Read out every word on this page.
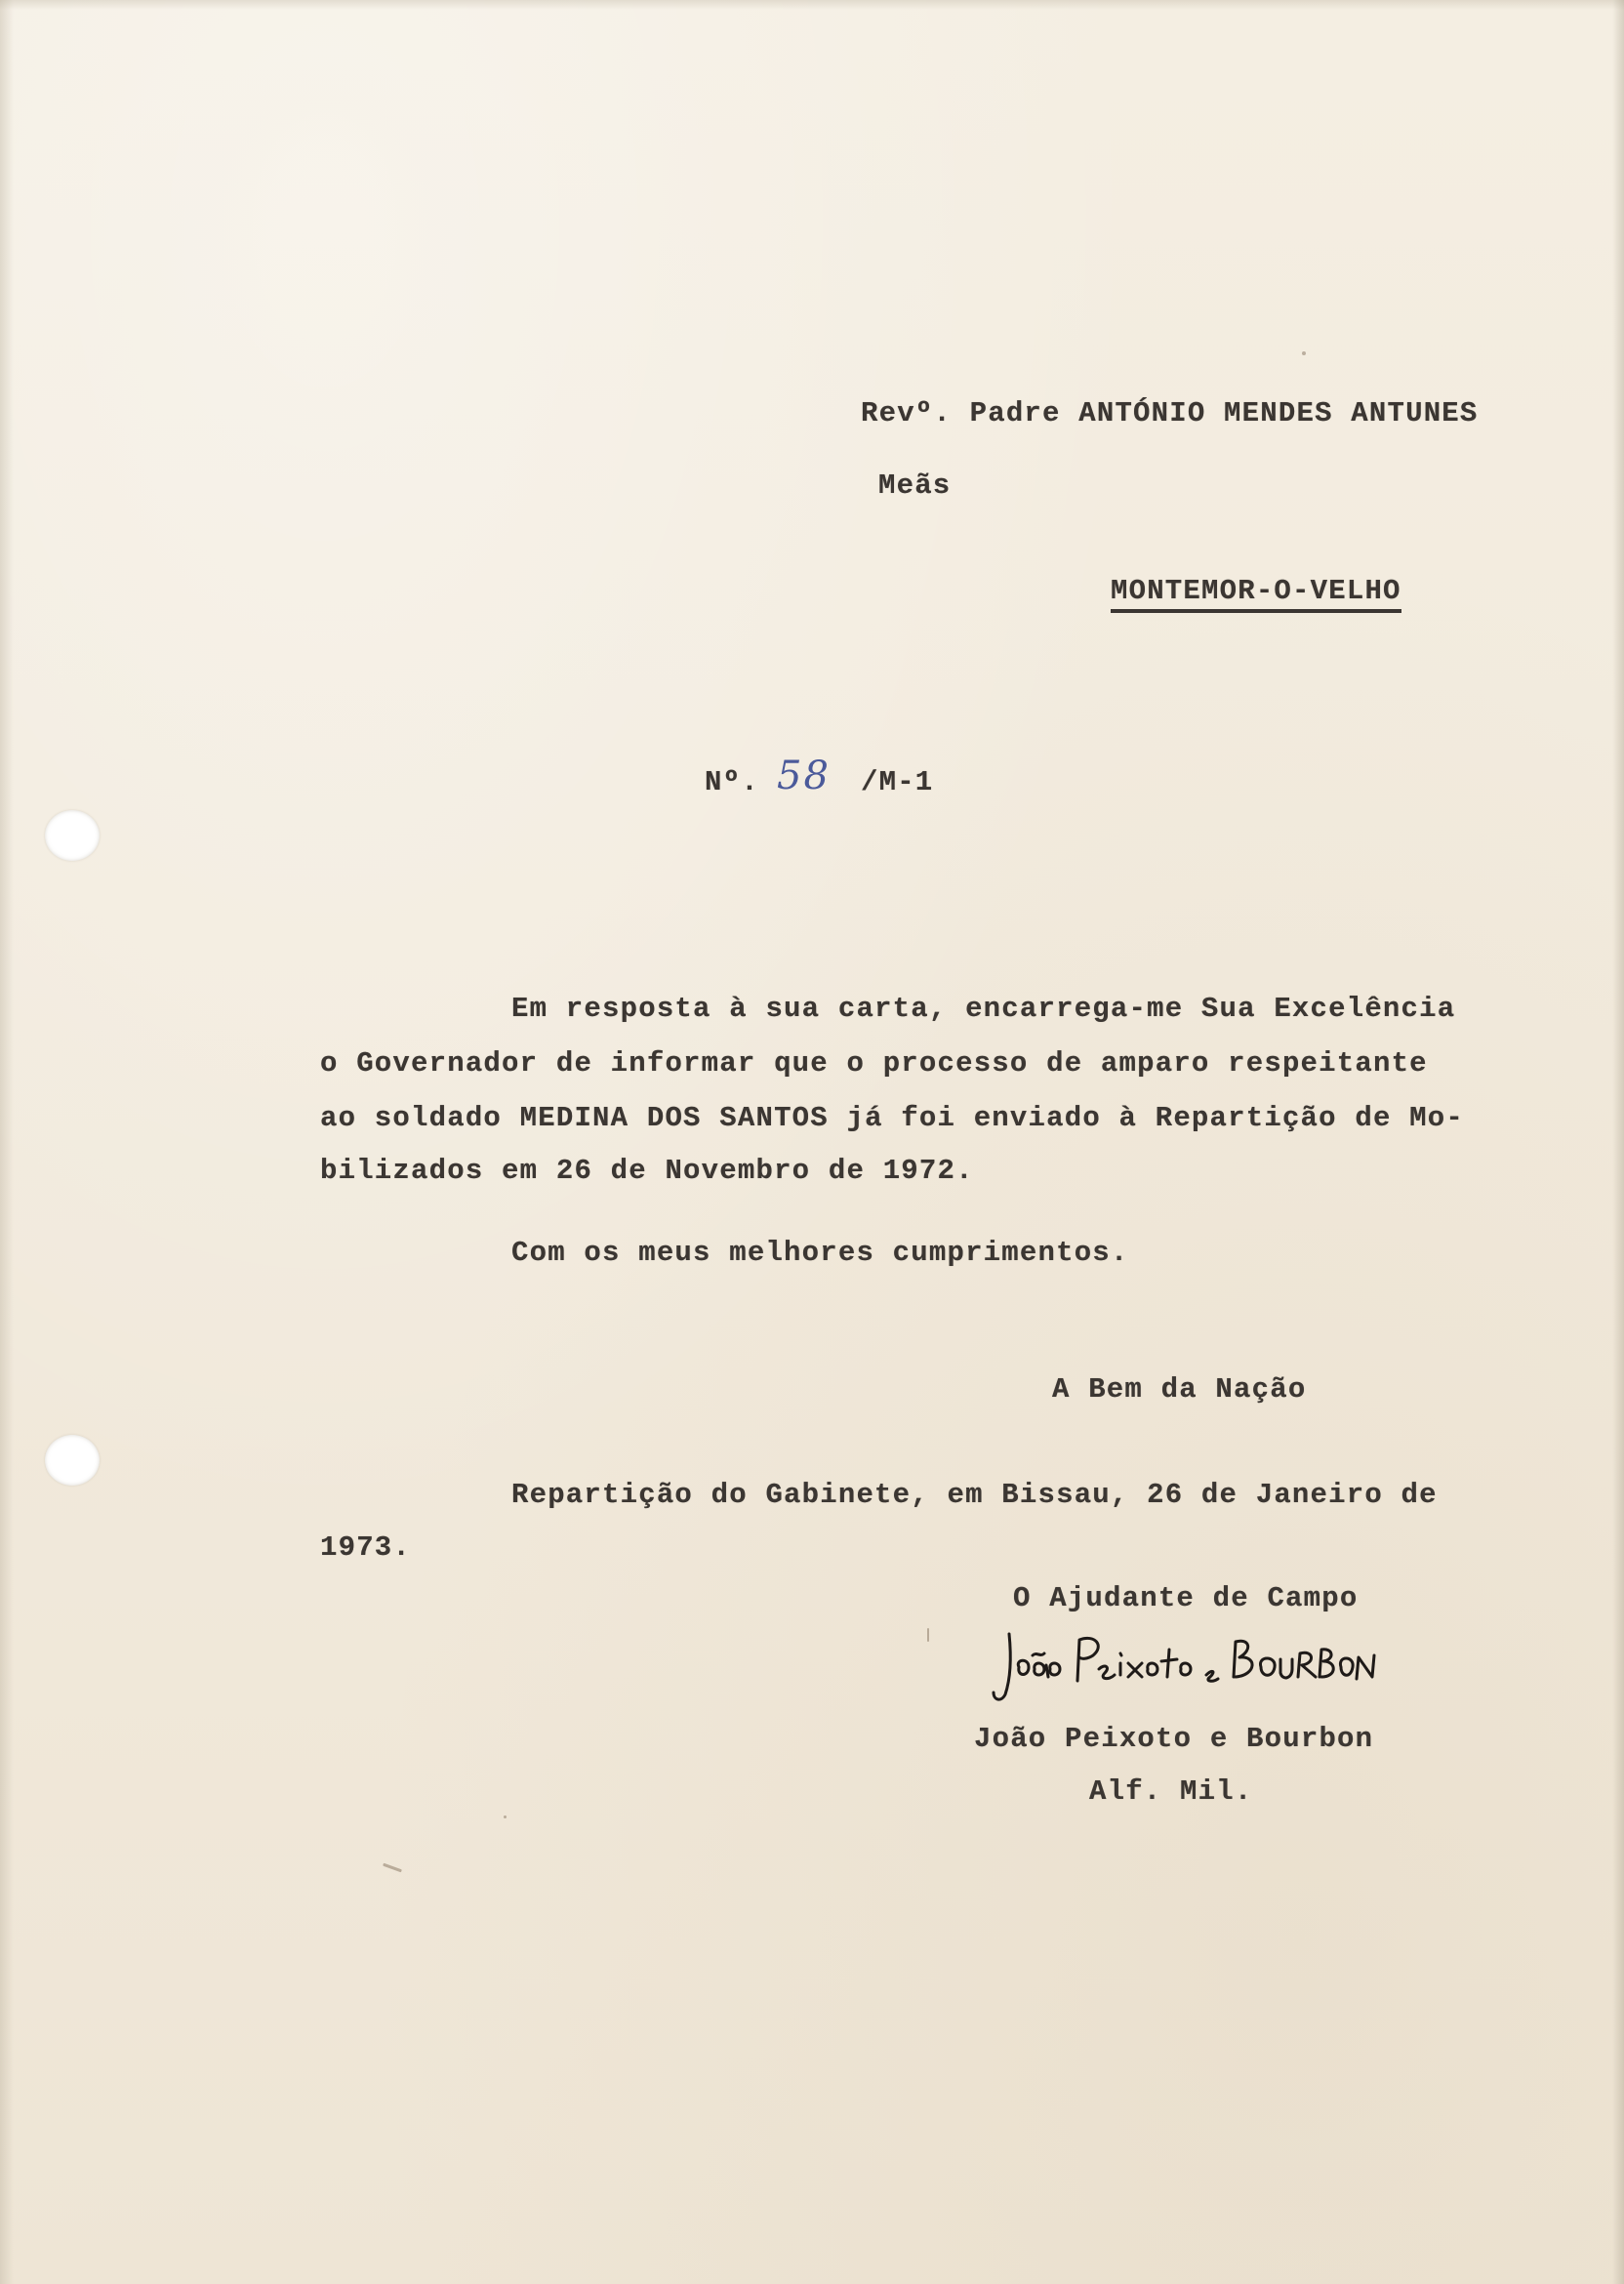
Revº. Padre ANTÓNIO MENDES ANTUNES
Meãs
MONTEMOR-O-VELHO
Nº. 58 /M-1
Em resposta à sua carta, encarrega-me Sua Excelência
o Governador de informar que o processo de amparo respeitante
ao soldado MEDINA DOS SANTOS já foi enviado à Repartição de Mo-
bilizados em 26 de Novembro de 1972.
Com os meus melhores cumprimentos.
A Bem da Nação
Repartição do Gabinete, em Bissau, 26 de Janeiro de
1973.
O Ajudante de Campo
João Peixoto e Bourbon
Alf. Mil.
